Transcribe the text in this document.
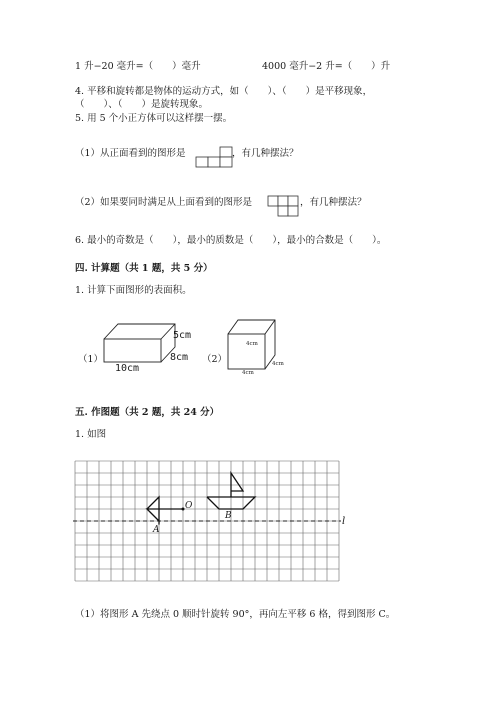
1 升−20 毫升=（　　）毫升	4000 毫升−2 升=（　　）升
4. 平移和旋转都是物体的运动方式，如（　　）、（　　）是平移现象，
（　　）、（　　）是旋转现象。
5. 用 5 个小正方体可以这样摆一摆。
（1）从正面看到的图形是	，有几种摆法？
（2）如果要同时满足从上面看到的图形是	，有几种摆法？
6. 最小的奇数是（　　），最小的质数是（　　），最小的合数是（　　）。
四. 计算题（共 1 题，共 5 分）
1. 计算下面图形的表面积。
（1）
5cm
8cm
10cm
（2）
4cm
4cm
4cm
五. 作图题（共 2 题，共 24 分）
1. 如图
O
A
B	l
（1）将图形 A 先绕点 0 顺时针旋转 90°，再向左平移 6 格，得到图形 C。
